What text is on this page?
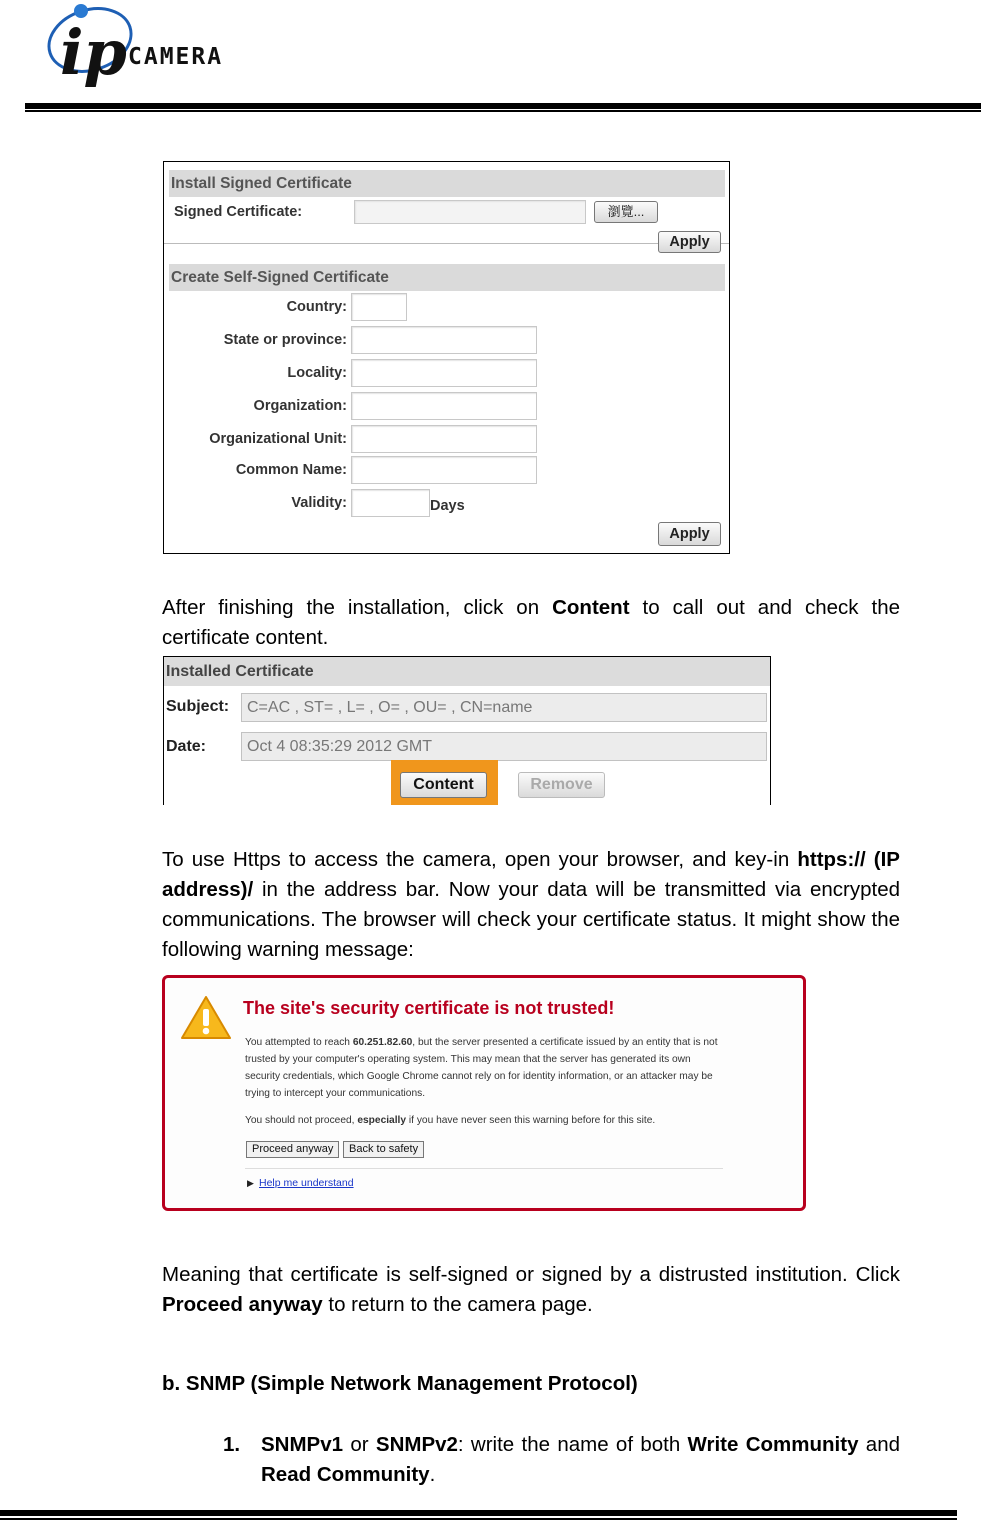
ip CAMERA
Install Signed Certificate
Signed Certificate:	瀏覽...
Apply
Create Self-Signed Certificate
Country:
State or province:
Locality:
Organization:
Organizational Unit:
Common Name:
Validity:	Days
Apply
After finishing the installation, click on Content to call out and check the certificate content.
Installed Certificate
Subject:	C=AC , ST= , L= , O= , OU= , CN=name
Date:	Oct 4 08:35:29 2012 GMT
Content	Remove
To use Https to access the camera, open your browser, and key-in https:// (IP address)/ in the address bar. Now your data will be transmitted via encrypted communications. The browser will check your certificate status. It might show the following warning message:
The site's security certificate is not trusted!
You attempted to reach 60.251.82.60, but the server presented a certificate issued by an entity that is not trusted by your computer's operating system. This may mean that the server has generated its own security credentials, which Google Chrome cannot rely on for identity information, or an attacker may be trying to intercept your communications.
You should not proceed, especially if you have never seen this warning before for this site.
Proceed anyway	Back to safety
▶ Help me understand
Meaning that certificate is self-signed or signed by a distrusted institution. Click Proceed anyway to return to the camera page.
b. SNMP (Simple Network Management Protocol)
1.	SNMPv1 or SNMPv2: write the name of both Write Community and Read Community.
